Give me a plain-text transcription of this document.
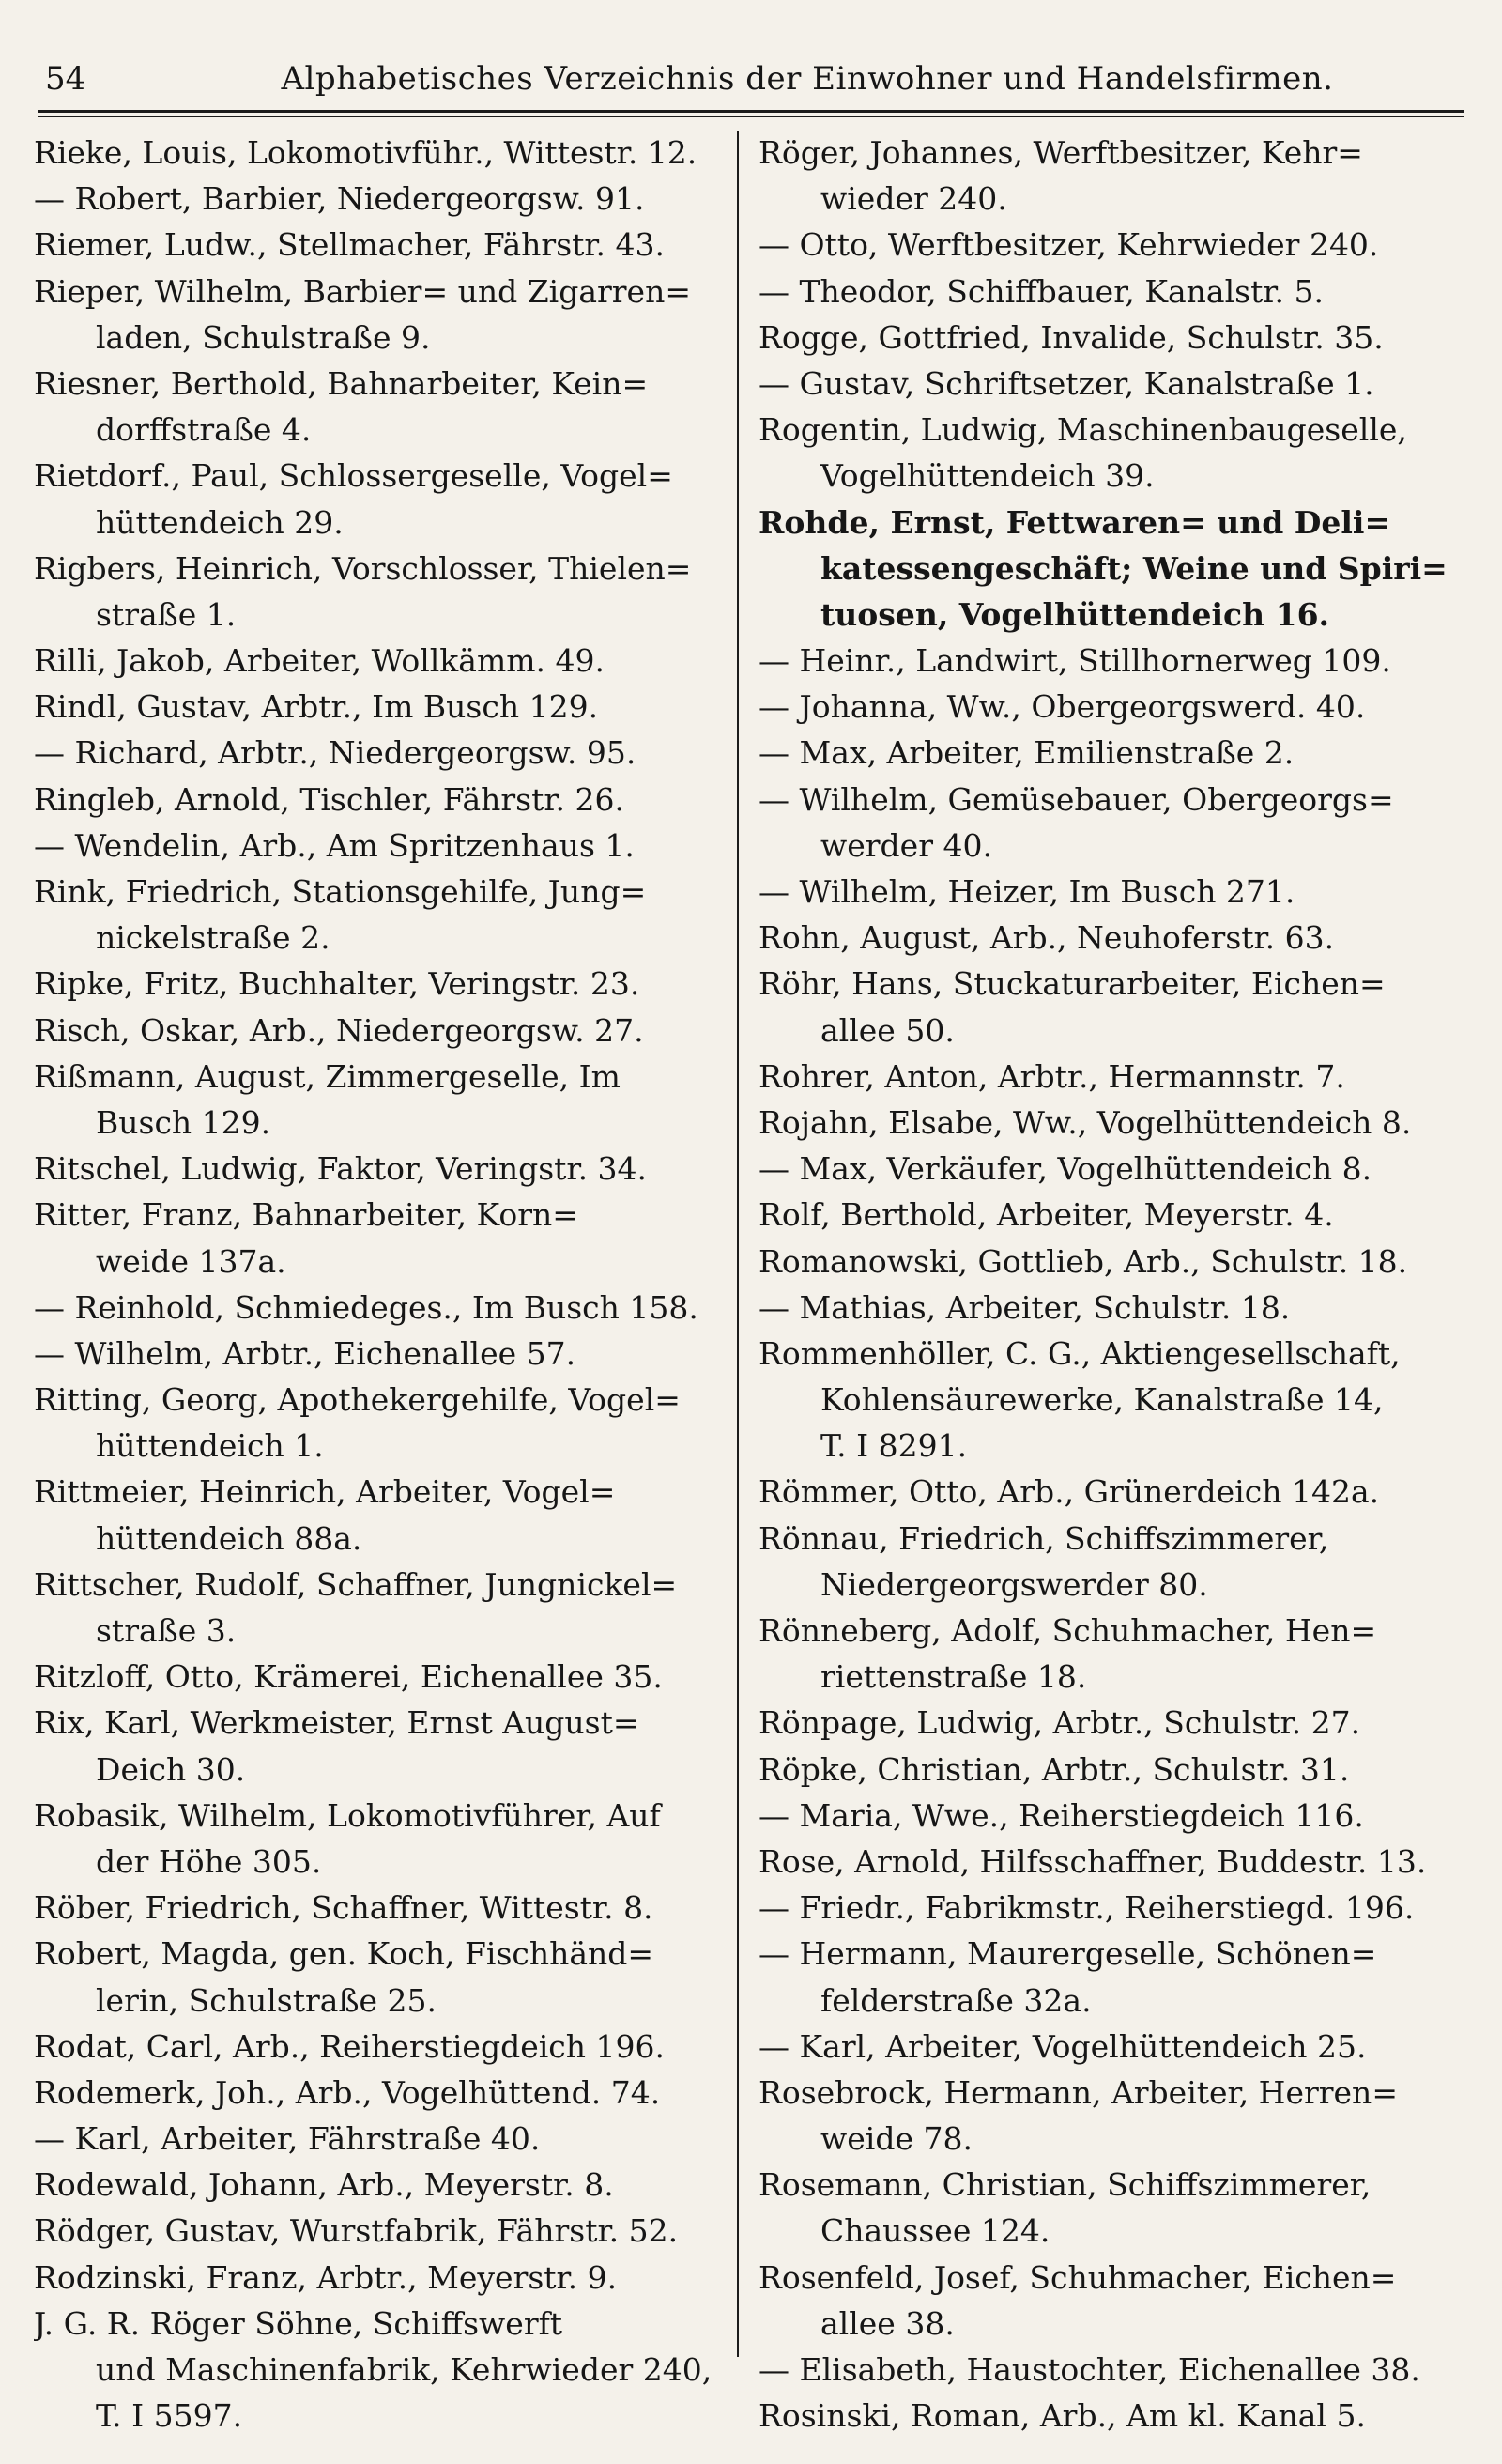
54	Alphabetisches Verzeichnis der Einwohner und Handelsfirmen.
Rieke, Louis, Lokomotivführ., Wittestr. 12.
— Robert, Barbier, Niedergeorgsw. 91.
Riemer, Ludw., Stellmacher, Fährstr. 43.
Rieper, Wilhelm, Barbier= und Zigarren=
laden, Schulstraße 9.
Riesner, Berthold, Bahnarbeiter, Kein=
dorffstraße 4.
Rietdorf., Paul, Schlossergeselle, Vogel=
hüttendeich 29.
Rigbers, Heinrich, Vorschlosser, Thielen=
straße 1.
Rilli, Jakob, Arbeiter, Wollkämm. 49.
Rindl, Gustav, Arbtr., Im Busch 129.
— Richard, Arbtr., Niedergeorgsw. 95.
Ringleb, Arnold, Tischler, Fährstr. 26.
— Wendelin, Arb., Am Spritzenhaus 1.
Rink, Friedrich, Stationsgehilfe, Jung=
nickelstraße 2.
Ripke, Fritz, Buchhalter, Veringstr. 23.
Risch, Oskar, Arb., Niedergeorgsw. 27.
Rißmann, August, Zimmergeselle, Im
Busch 129.
Ritschel, Ludwig, Faktor, Veringstr. 34.
Ritter, Franz, Bahnarbeiter, Korn=
weide 137a.
— Reinhold, Schmiedeges., Im Busch 158.
— Wilhelm, Arbtr., Eichenallee 57.
Ritting, Georg, Apothekergehilfe, Vogel=
hüttendeich 1.
Rittmeier, Heinrich, Arbeiter, Vogel=
hüttendeich 88a.
Rittscher, Rudolf, Schaffner, Jungnickel=
straße 3.
Ritzloff, Otto, Krämerei, Eichenallee 35.
Rix, Karl, Werkmeister, Ernst August=
Deich 30.
Robasik, Wilhelm, Lokomotivführer, Auf
der Höhe 305.
Röber, Friedrich, Schaffner, Wittestr. 8.
Robert, Magda, gen. Koch, Fischhänd=
lerin, Schulstraße 25.
Rodat, Carl, Arb., Reiherstiegdeich 196.
Rodemerk, Joh., Arb., Vogelhüttend. 74.
— Karl, Arbeiter, Fährstraße 40.
Rodewald, Johann, Arb., Meyerstr. 8.
Rödger, Gustav, Wurstfabrik, Fährstr. 52.
Rodzinski, Franz, Arbtr., Meyerstr. 9.
J. G. R. Röger Söhne, Schiffswerft
und Maschinenfabrik, Kehrwieder 240,
T. I 5597.
Röger, Johannes, Werftbesitzer, Kehr=
wieder 240.
— Otto, Werftbesitzer, Kehrwieder 240.
— Theodor, Schiffbauer, Kanalstr. 5.
Rogge, Gottfried, Invalide, Schulstr. 35.
— Gustav, Schriftsetzer, Kanalstraße 1.
Rogentin, Ludwig, Maschinenbaugeselle,
Vogelhüttendeich 39.
Rohde, Ernst, Fettwaren= und Deli=
katessengeschäft; Weine und Spiri=
tuosen, Vogelhüttendeich 16.
— Heinr., Landwirt, Stillhornerweg 109.
— Johanna, Ww., Obergeorgswerd. 40.
— Max, Arbeiter, Emilienstraße 2.
— Wilhelm, Gemüsebauer, Obergeorgs=
werder 40.
— Wilhelm, Heizer, Im Busch 271.
Rohn, August, Arb., Neuhoferstr. 63.
Röhr, Hans, Stuckaturarbeiter, Eichen=
allee 50.
Rohrer, Anton, Arbtr., Hermannstr. 7.
Rojahn, Elsabe, Ww., Vogelhüttendeich 8.
— Max, Verkäufer, Vogelhüttendeich 8.
Rolf, Berthold, Arbeiter, Meyerstr. 4.
Romanowski, Gottlieb, Arb., Schulstr. 18.
— Mathias, Arbeiter, Schulstr. 18.
Rommenhöller, C. G., Aktiengesellschaft,
Kohlensäurewerke, Kanalstraße 14,
T. I 8291.
Römmer, Otto, Arb., Grünerdeich 142a.
Rönnau, Friedrich, Schiffszimmerer,
Niedergeorgswerder 80.
Rönneberg, Adolf, Schuhmacher, Hen=
riettenstraße 18.
Rönpage, Ludwig, Arbtr., Schulstr. 27.
Röpke, Christian, Arbtr., Schulstr. 31.
— Maria, Wwe., Reiherstiegdeich 116.
Rose, Arnold, Hilfsschaffner, Buddestr. 13.
— Friedr., Fabrikmstr., Reiherstiegd. 196.
— Hermann, Maurergeselle, Schönen=
felderstraße 32a.
— Karl, Arbeiter, Vogelhüttendeich 25.
Rosebrock, Hermann, Arbeiter, Herren=
weide 78.
Rosemann, Christian, Schiffszimmerer,
Chaussee 124.
Rosenfeld, Josef, Schuhmacher, Eichen=
allee 38.
— Elisabeth, Haustochter, Eichenallee 38.
Rosinski, Roman, Arb., Am kl. Kanal 5.
